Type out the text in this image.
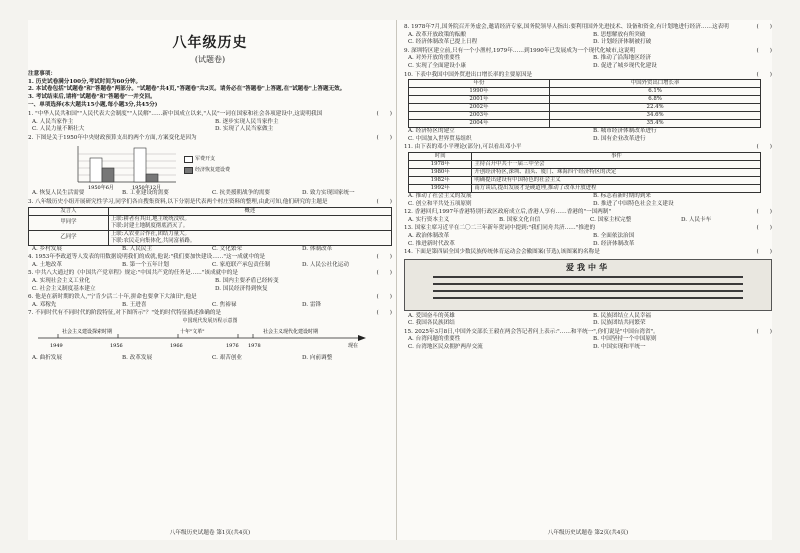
八年级历史

(试题卷)

注意事项：

1. 历史试卷满分100分,考试时间为60分钟。

2. 本试卷包括"试题卷"和"答题卷"两部分。"试题卷"共4页,"答题卷"共2页。请务必在"答题卷"上答题,在"试题卷"上答题无效。

3. 考试结束后,请将"试题卷"和"答题卷"一并交回。

一、单项选择(本大题共15小题,每小题3分,共45分)

1. "中华人民共和国""人民代表大会制度""人民解"……新中国成立以来,"人民"一词在国家和社会各项建设中,这说明我国	(　　)

A. 人民当家作主	B. 逐步实现人民当家作主
C. 人民力量不断壮大	D. 实现了人民当家做主

2. 下图是关于1950年中央财政预算支出的两个方面,方案变化是因为	(　　)

1950年6月	1950年12月
军费开支
经济恢复建设费
A. 恢复人民生活需要	B. 工业建设的需要	C. 抗美援朝战争的需要	D. 致力实现国家统一

3. 八年级历史小组开展研究性学习,同学们各自搜集资料,以下分别是代表两个村庄资料的整理,由此可知,他们研究的主题是	(　　)

发言人	概述
甲同学	上联:耕者有其田,地主统统没收。
下联:封建土地制度彻底消灭了。

乙同学	上联:入农业合作社,团结力量大。
下联:农民走向集体化,共同富裕路。
A. 乡村发展	B. 人民民主	C. 文化繁荣	D. 体制改革

4. 1953年李政道等人发表的用数据说明我们的成就,他说:"我们要加快建设……"这一成就中的是	(　　)

A. 土地改革	B. 第一个五年计划	C. 家庭联产承包责任制	D. 人民公社化运动

5. 中共八大通过的《中国共产党章程》规定:"中国共产党的任务是……"该成就中的是	(　　)

A. 实现社会主义工业化	B. 国内主要矛盾已经转变
C. 社会主义制度基本建立	D. 国民经济得到恢复

6. 他是在新时期的铁人,"宁肯少活二十年,拼命也要拿下大油田",他是	(　　)

A. 邓稼先	B. 王进喜	C. 焦裕禄	D. 雷锋

7. 不同时代有不同时代的阶段特征,对下图所示"？"处的时代特征描述准确的是	(　　)

中国现代发展历程示意图

社会主义建设探索时期	十年"文革"	社会主义现代化建设时期
1949	1956	1966	1976 1978	现在
A. 曲折发展	B. 改革发展	C. 艰苦创业	D. 向前调整
八年级历史试题卷 第1页(共4页)

8. 1978年7月,国务院召开务虚会,邀请经济专家,国务院领导人指出:要利用国外先进技术、设备和资金,有计划地进行经济……这表明	(　　)

A. 改革开放政策的酝酿	B. 思想解放有所突破
C. 经济体制改革已提上日程	D. 计划经济体制被打破

9. 深圳特区建立前,只有一个小渔村,1979年……到1990年已发展成为一个现代化城市,这说明	(　　)

A. 对外开放的重要性	B. 推动了沿海地区经济
C. 实现了全面建设小康	D. 促进了城乡现代化建设

10. 下表中我国中国外贸进出口增长率的主要原因是	(　　)

年份	中国外贸出口增长率
1990年	6.1%
2001年	6.8%
2002年	22.4%
2003年	34.6%
2004年	35.4%
A. 经济特区的建立	B. 城市经济体制改革进行
C. 中国加入世界贸易组织	D. 国有企业改革进行

11. 由下表的邓小平理论(部分),可以看出邓小平	(　　)

时间	事件
1978年	主持召开中共十一届三中全会
1980年	开创经济特区,深圳、汕头、厦门、珠海四个经济特区的决定
1982年	明确提出建设有中国特色的社会主义
1992年	南方谈话,提出发展才是硬道理,推动了改革开放进程
A. 推动了社会主义的发展	B. 标志着新时期的到来
C. 创立和平共处五项原则	D. 推进了中国特色社会主义建设

12. 香港回归,1997年香港特别行政区政府成立后,香港人享有……香港的"一国两制"	(　　)

A. 实行资本主义	B. 国家文化自信	C. 国家主权完整	D. 人民卡车

13. 国家主席习近平在二〇二三年新年贺词中提到:"我们同舟共济……"推进的	(　　)

A. 政治体制改革	B. 全面依法治国
C. 推进新时代改革	D. 经济体制改革

14. 下面是第四届全国少数民族传统体育运动会会徽图案(节选),该图案的名称是	(　　)

爱我中华
A. 爱国奋斗的英雄	B. 民族团结立人民幸福
C. 我国各民族团结	D. 民族团结共同繁荣

15. 2025年3月8日,中国外交部长王毅在两会答记者问上表示:"……和平统一",你们说是"中国台湾省"。	(　　)

A. 台湾问题的重要性	B. 中国坚持一个中国原则
C. 台湾地区民众拥护两岸交流	D. 中国实现和平统一
八年级历史试题卷 第2页(共4页)
